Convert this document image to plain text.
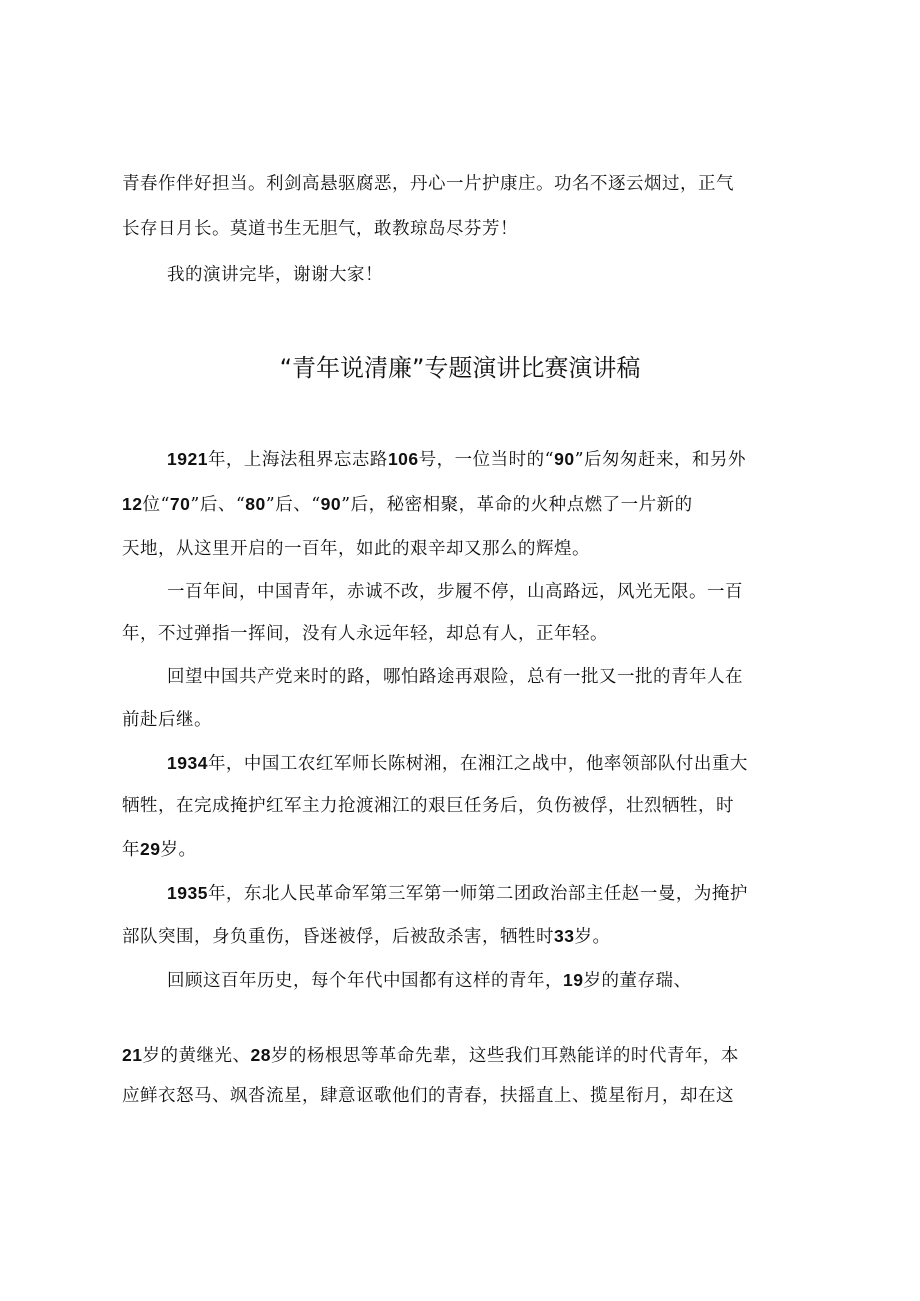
青春作伴好担当。利剑高悬驱腐恶，丹心一片护康庄。功名不逐云烟过，正气
长存日月长。莫道书生无胆气，敢教琼岛尽芬芳！
我的演讲完毕，谢谢大家！
“青年说清廉”专题演讲比赛演讲稿
1921年，上海法租界忘志路106号，一位当时的“90”后匆匆赶来，和另外
12位“70”后、“80”后、“90”后，秘密相聚，革命的火种点燃了一片新的
天地，从这里开启的一百年，如此的艰辛却又那么的辉煌。
一百年间，中国青年，赤诚不改，步履不停，山高路远，风光无限。一百
年，不过弹指一挥间，没有人永远年轻，却总有人，正年轻。
回望中国共产党来时的路，哪怕路途再艰险，总有一批又一批的青年人在
前赴后继。
1934年，中国工农红军师长陈树湘，在湘江之战中，他率领部队付出重大
牺牲，在完成掩护红军主力抢渡湘江的艰巨任务后，负伤被俘，壮烈牺牲，时
年29岁。
1935年，东北人民革命军第三军第一师第二团政治部主任赵一曼，为掩护
部队突围，身负重伤，昏迷被俘，后被敌杀害，牺牲时33岁。
回顾这百年历史，每个年代中国都有这样的青年，19岁的董存瑞、
21岁的黄继光、28岁的杨根思等革命先辈，这些我们耳熟能详的时代青年，本
应鲜衣怒马、飒沓流星，肆意讴歌他们的青春，扶摇直上、揽星衔月，却在这
